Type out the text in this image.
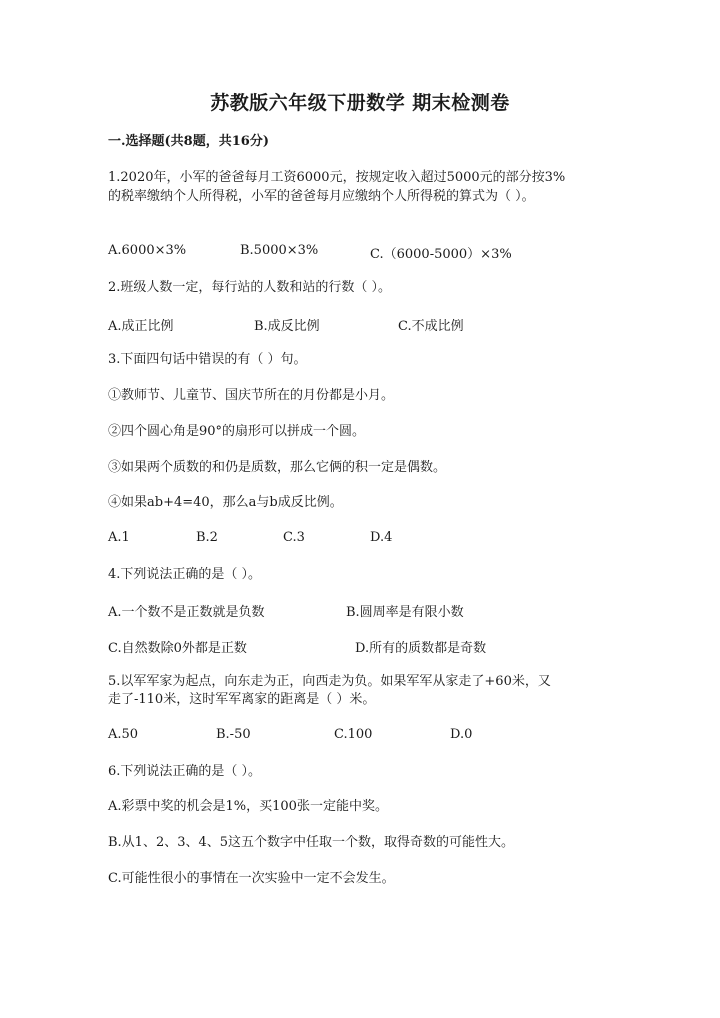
苏教版六年级下册数学 期末检测卷
一.选择题(共8题，共16分)
1.2020年，小军的爸爸每月工资6000元，按规定收入超过5000元的部分按3%
的税率缴纳个人所得税，小军的爸爸每月应缴纳个人所得税的算式为（ ）。
A.6000×3%	B.5000×3%	C.（6000-5000）×3%
2.班级人数一定，每行站的人数和站的行数（ ）。
A.成正比例	B.成反比例	C.不成比例
3.下面四句话中错误的有（ ）句。
①教师节、儿童节、国庆节所在的月份都是小月。
②四个圆心角是90°的扇形可以拼成一个圆。
③如果两个质数的和仍是质数，那么它俩的积一定是偶数。
④如果ab+4=40，那么a与b成反比例。
A.1	B.2	C.3	D.4
4.下列说法正确的是（ ）。
A.一个数不是正数就是负数	B.圆周率是有限小数
C.自然数除0外都是正数	D.所有的质数都是奇数
5.以军军家为起点，向东走为正，向西走为负。如果军军从家走了+60米，又
走了-110米，这时军军离家的距离是（ ）米。
A.50	B.-50	C.100	D.0
6.下列说法正确的是（ ）。
A.彩票中奖的机会是1%，买100张一定能中奖。
B.从1、2、3、4、5这五个数字中任取一个数，取得奇数的可能性大。
C.可能性很小的事情在一次实验中一定不会发生。
